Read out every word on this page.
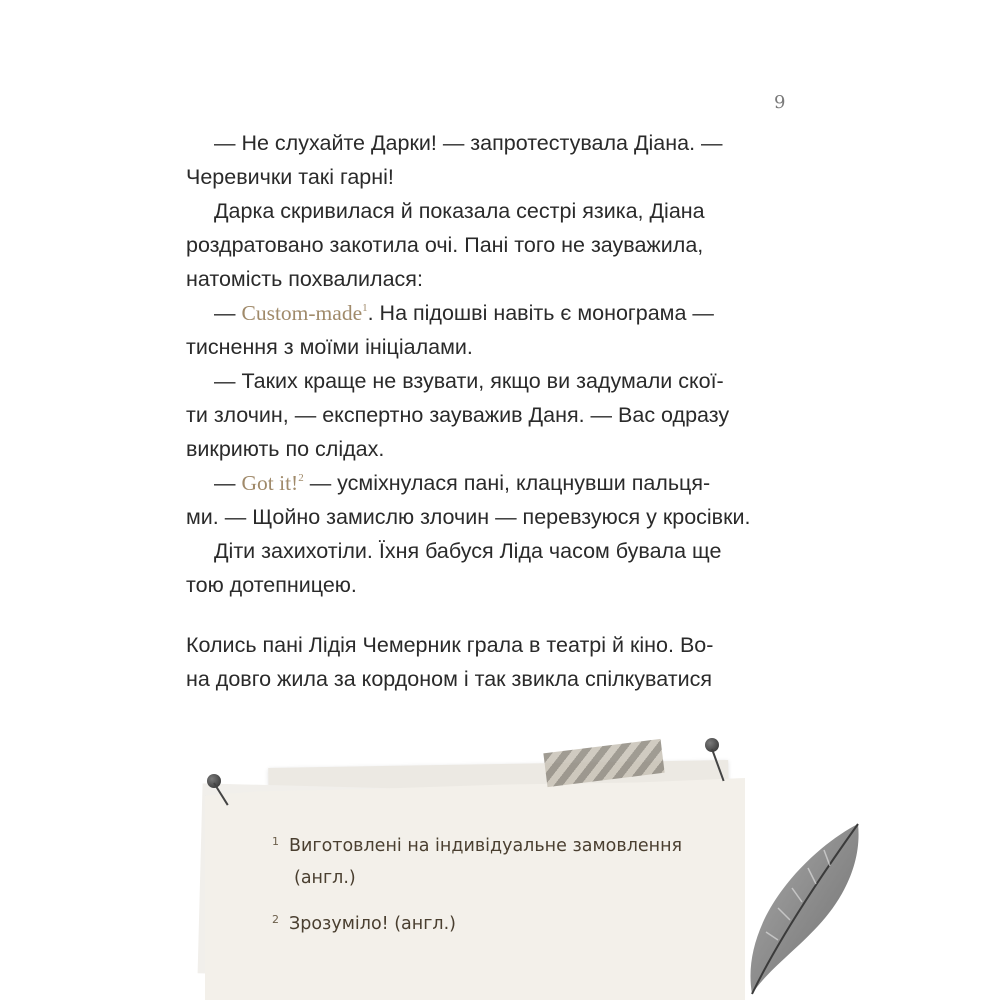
9

— Не слухайте Дарки! — запротестувала Діана. —

Черевички такі гарні!

Дарка скривилася й показала сестрі язика, Діана

роздратовано закотила очі. Пані того не зауважила,

натомість похвалилася:

— Custom-made$^1$. На підошві навіть є монограма —

тиснення з моїми ініціалами.

— Таких краще не взувати, якщо ви задумали скої-

ти злочин, — експертно зауважив Даня. — Вас одразу

викриють по слідах.

— Got it!$^2$ — усміхнулася пані, клацнувши пальця-

ми. — Щойно замислю злочин — перевзуюся у кросівки.

Діти захихотіли. Їхня бабуся Ліда часом бувала ще

тою дотепницею.

Колись пані Лідія Чемерник грала в театрі й кіно. Во-

на довго жила за кордоном і так звикла спілкуватися

$^1$ Виготовлені на індивідуальне замовлення
(англ.)
$^2$ Зрозуміло! (англ.)
